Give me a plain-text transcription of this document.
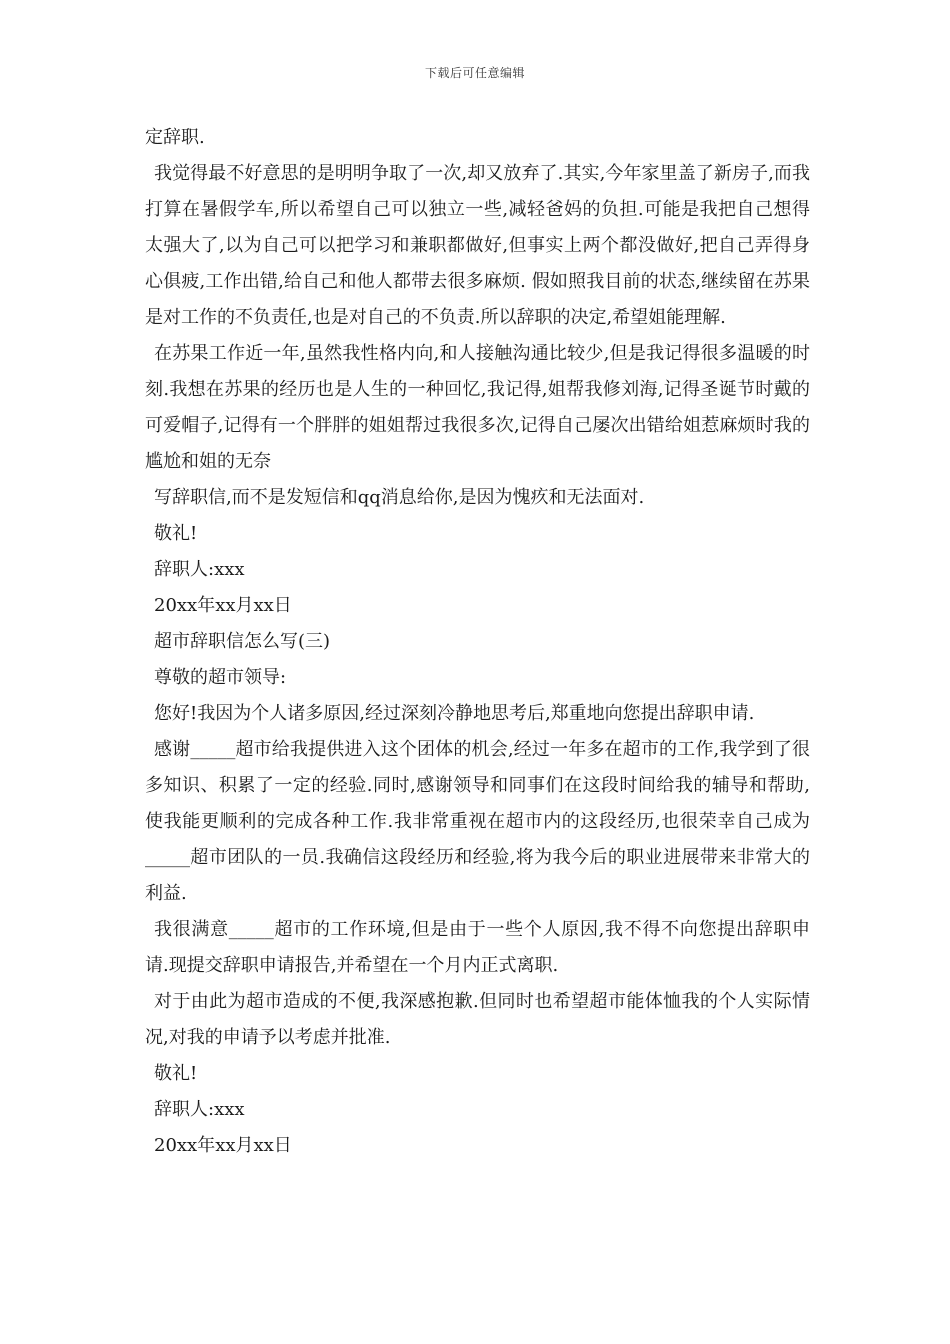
下载后可任意编辑

定辞职.

我觉得最不好意思的是明明争取了一次,却又放弃了.其实,今年家里盖了新房子,而我打算在暑假学车,所以希望自己可以独立一些,减轻爸妈的负担.可能是我把自己想得太强大了,以为自己可以把学习和兼职都做好,但事实上两个都没做好,把自己弄得身心俱疲,工作出错,给自己和他人都带去很多麻烦. 假如照我目前的状态,继续留在苏果是对工作的不负责任,也是对自己的不负责.所以辞职的决定,希望姐能理解.

在苏果工作近一年,虽然我性格内向,和人接触沟通比较少,但是我记得很多温暖的时刻.我想在苏果的经历也是人生的一种回忆,我记得,姐帮我修刘海,记得圣诞节时戴的可爱帽子,记得有一个胖胖的姐姐帮过我很多次,记得自己屡次出错给姐惹麻烦时我的尴尬和姐的无奈

写辞职信,而不是发短信和qq消息给你,是因为愧疚和无法面对.

敬礼!

辞职人:xxx

20xx年xx月xx日

超市辞职信怎么写(三)

尊敬的超市领导:

您好!我因为个人诸多原因,经过深刻冷静地思考后,郑重地向您提出辞职申请.

感谢_____超市给我提供进入这个团体的机会,经过一年多在超市的工作,我学到了很多知识、积累了一定的经验.同时,感谢领导和同事们在这段时间给我的辅导和帮助,使我能更顺利的完成各种工作.我非常重视在超市内的这段经历,也很荣幸自己成为_____超市团队的一员.我确信这段经历和经验,将为我今后的职业进展带来非常大的利益.

我很满意_____超市的工作环境,但是由于一些个人原因,我不得不向您提出辞职申请.现提交辞职申请报告,并希望在一个月内正式离职.

对于由此为超市造成的不便,我深感抱歉.但同时也希望超市能体恤我的个人实际情况,对我的申请予以考虑并批准.

敬礼!

辞职人:xxx

20xx年xx月xx日
